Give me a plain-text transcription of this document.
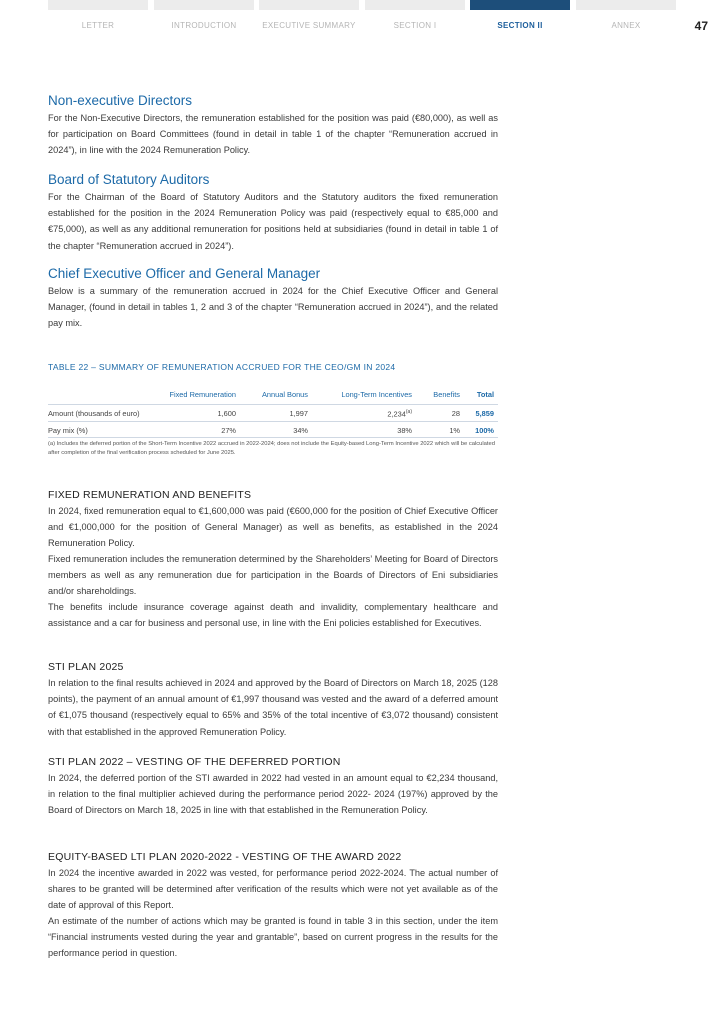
LETTER	INTRODUCTION	EXECUTIVE SUMMARY	SECTION I	SECTION II	ANNEX	47
Non-executive Directors

For the Non-Executive Directors, the remuneration established for the position was paid (€80,000), as well as for participation on Board Committees (found in detail in table 1 of the chapter “Remuneration accrued in 2024”), in line with the 2024 Remuneration Policy.

Board of Statutory Auditors

For the Chairman of the Board of Statutory Auditors and the Statutory auditors the fixed remuneration established for the position in the 2024 Remuneration Policy was paid (respectively equal to €85,000 and €75,000), as well as any additional remuneration for positions held at subsidiaries (found in detail in table 1 of the chapter “Remuneration accrued in 2024”).

Chief Executive Officer and General Manager

Below is a summary of the remuneration accrued in 2024 for the Chief Executive Officer and General Manager, (found in detail in tables 1, 2 and 3 of the chapter “Remuneration accrued in 2024”), and the related pay mix.

TABLE 22 – SUMMARY OF REMUNERATION ACCRUED FOR THE CEO/GM IN 2024
Fixed Remuneration	Annual Bonus	Long-Term Incentives	Benefits Total
Amount (thousands of euro)	1,600	1,997	2,234$^{(a)}$	28 5,859
Pay mix (%)	27%	34%	38%	1% 100%
(a) Includes the deferred portion of the Short-Term Incentive 2022 accrued in 2022-2024; does not include the Equity-based Long-Term Incentive 2022 which will be calculated after completion of the final verification process scheduled for June 2025.
FIXED REMUNERATION AND BENEFITS

In 2024, fixed remuneration equal to €1,600,000 was paid (€600,000 for the position of Chief Executive Officer and €1,000,000 for the position of General Manager) as well as benefits, as established in the 2024 Remuneration Policy.

Fixed remuneration includes the remuneration determined by the Shareholders’ Meeting for Board of Directors members as well as any remuneration due for participation in the Boards of Directors of Eni subsidiaries and/or shareholdings.

The benefits include insurance coverage against death and invalidity, complementary healthcare and assistance and a car for business and personal use, in line with the Eni policies established for Executives.

STI PLAN 2025

In relation to the final results achieved in 2024 and approved by the Board of Directors on March 18, 2025 (128 points), the payment of an annual amount of €1,997 thousand was vested and the award of a deferred amount of €1,075 thousand (respectively equal to 65% and 35% of the total incentive of €3,072 thousand) consistent with that established in the approved Remuneration Policy.

STI PLAN 2022 – VESTING OF THE DEFERRED PORTION

In 2024, the deferred portion of the STI awarded in 2022 had vested in an amount equal to €2,234 thousand, in relation to the final multiplier achieved during the performance period 2022- 2024 (197%) approved by the Board of Directors on March 18, 2025 in line with that established in the Remuneration Policy.

EQUITY-BASED LTI PLAN 2020-2022 - VESTING OF THE AWARD 2022

In 2024 the incentive awarded in 2022 was vested, for performance period 2022-2024. The actual number of shares to be granted will be determined after verification of the results which were not yet available as of the date of approval of this Report.

An estimate of the number of actions which may be granted is found in table 3 in this section, under the item “Financial instruments vested during the year and grantable”, based on current progress in the results for the performance period in question.
